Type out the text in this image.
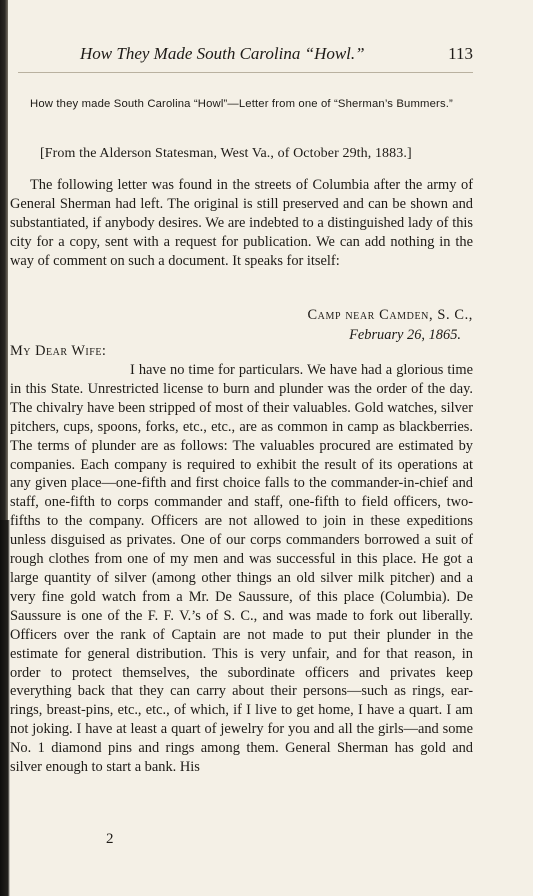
How They Made South Carolina “Howl.”	113
How they made South Carolina “Howl”—Letter from one of “Sherman’s Bummers.”
[From the Alderson Statesman, West Va., of October 29th, 1883.]

The following letter was found in the streets of Columbia after the army of General Sherman had left. The original is still preserved and can be shown and substantiated, if anybody desires. We are indebted to a distinguished lady of this city for a copy, sent with a request for publication. We can add nothing in the way of comment on such a document. It speaks for itself:

Camp near Camden, S. C.,
February 26, 1865.
My Dear Wife:

I have no time for particulars. We have had a glorious time in this State. Unrestricted license to burn and plunder was the order of the day. The chivalry have been stripped of most of their valuables. Gold watches, silver pitchers, cups, spoons, forks, etc., etc., are as common in camp as blackberries. The terms of plunder are as follows: The valuables procured are estimated by companies. Each company is required to exhibit the result of its operations at any given place—one-fifth and first choice falls to the commander-in-chief and staff, one-fifth to corps commander and staff, one-fifth to field officers, two-fifths to the company. Officers are not allowed to join in these expeditions unless disguised as privates. One of our corps commanders borrowed a suit of rough clothes from one of my men and was successful in this place. He got a large quantity of silver (among other things an old silver milk pitcher) and a very fine gold watch from a Mr. De Saussure, of this place (Columbia). De Saussure is one of the F. F. V.’s of S. C., and was made to fork out liberally. Officers over the rank of Captain are not made to put their plunder in the estimate for general distribution. This is very unfair, and for that reason, in order to protect themselves, the subordinate officers and privates keep everything back that they can carry about their persons—such as rings, ear-rings, breast-pins, etc., etc., of which, if I live to get home, I have a quart. I am not joking. I have at least a quart of jewelry for you and all the girls—and some No. 1 diamond pins and rings among them. General Sherman has gold and silver enough to start a bank. His

2
